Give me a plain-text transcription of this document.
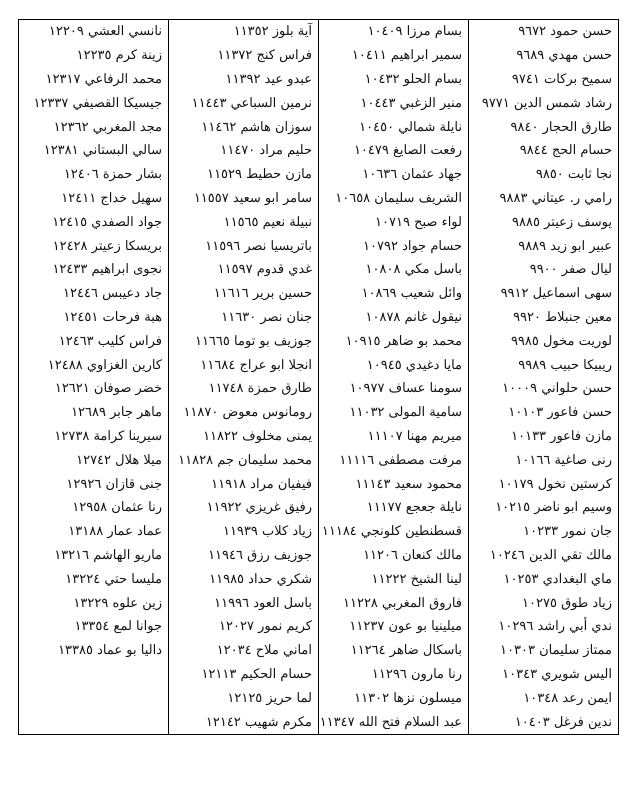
حسن حمود ٩٦٧٢	بسام مرزا ١٠٤٠٩	آية بلوز ١١٣٥٢	نانسي العشي ١٢٢٠٩
حسن مهدي ٩٦٨٩	سمير ابراهيم ١٠٤١١	فراس كنج ١١٣٧٢	زينة كرم ١٢٢٣٥
سميح بركات ٩٧٤١	بسام الحلو ١٠٤٣٢	عبدو عيد ١١٣٩٢	محمد الرفاعي ١٢٣١٧
رشاد شمس الدين ٩٧٧١	منير الزغبي ١٠٤٤٣	نرمين السباعي ١١٤٤٣	جيسيكا القصيفي ١٢٣٣٧
طارق الحجار ٩٨٤٠	نايلة شمالي ١٠٤٥٠	سوزان هاشم ١١٤٦٢	مجد المغربي ١٢٣٦٢
حسام الحج ٩٨٤٤	رفعت الصايغ ١٠٤٧٩	حليم مراد ١١٤٧٠	سالي البستاني ١٢٣٨١
نجا ثابت ٩٨٥٠	جهاد عثمان ١٠٦٣٦	مازن حطيط ١١٥٢٩	بشار حمزة ١٢٤٠٦
رامي ر. عيتاني ٩٨٨٣	الشريف سليمان ١٠٦٥٨	سامر ابو سعيد ١١٥٥٧	سهيل خداج ١٢٤١١
يوسف زعيتر ٩٨٨٥	لواء صبح ١٠٧١٩	نبيلة نعيم ١١٥٦٥	جواد الصفدي ١٢٤١٥
عبير ابو زيد ٩٨٨٩	حسام جواد ١٠٧٩٢	باتريسيا نصر ١١٥٩٦	بريسكا زعيتر ١٢٤٢٨
ليال صفر ٩٩٠٠	باسل مكي ١٠٨٠٨	غدي قدوم ١١٥٩٧	نجوى ابراهيم ١٢٤٣٣
سهى اسماعيل ٩٩١٢	وائل شعيب ١٠٨٦٩	حسين برير ١١٦١٦	جاد دعيبس ١٢٤٤٦
معين جنبلاط ٩٩٢٠	نيقول غانم ١٠٨٧٨	جنان نصر ١١٦٣٠	هبة فرحات ١٢٤٥١
لوريت مخول ٩٩٨٥	محمد بو ضاهر ١٠٩١٥	جوزيف بو توما ١١٦٦٥	فراس كليب ١٢٤٦٣
ريبيكا حبيب ٩٩٨٩	مايا دغيدي ١٠٩٤٥	انجلا ابو عراج ١١٦٨٤	كارين الغزاوي ١٢٤٨٨
حسن حلواني ١٠٠٠٩	سومنا عساف ١٠٩٧٧	طارق حمزة ١١٧٤٨	خضر صوفان ١٢٦٢١
حسن فاعور ١٠١٠٣	سامية المولى ١١٠٣٢	رومانوس معوض ١١٨٧٠	ماهر جابر ١٢٦٨٩
مازن فاعور ١٠١٣٣	ميريم مهنا ١١١٠٧	يمنى مخلوف ١١٨٢٢	سيرينا كرامة ١٢٧٣٨
رنى صاغية ١٠١٦٦	مرفت مصطفى ١١١١٦	محمد سليمان جم ١١٨٢٨	ميلا هلال ١٢٧٤٢
كرستين نخول ١٠١٧٩	محمود سعيد ١١١٤٣	فيفيان مراد ١١٩١٨	جنى قازان ١٢٩٢٦
وسيم ابو ناضر ١٠٢١٥	نايلة جعجع ١١١٧٧	رفيق غريزي ١١٩٢٢	رنا عثمان ١٢٩٥٨
جان نمور ١٠٢٣٣	قسطنطين كلونجي ١١١٨٤	زياد كلاب ١١٩٣٩	عماد عمار ١٣١٨٨
مالك تقي الدين ١٠٢٤٦	مالك كنعان ١١٢٠٦	جوزيف رزق ١١٩٤٦	ماريو الهاشم ١٣٢١٦
ماي البغدادي ١٠٢٥٣	لينا الشيخ ١١٢٢٢	شكري حداد ١١٩٨٥	مليسا حتي ١٣٢٢٤
زياد طوق ١٠٢٧٥	فاروق المغربي ١١٢٢٨	باسل العود ١١٩٩٦	زين علوه ١٣٢٢٩
ندي أبي راشد ١٠٢٩٦	ميلينيا بو عون ١١٢٣٧	كريم نمور ١٢٠٢٧	جوانا لمع ١٣٣٥٤
ممتاز سليمان ١٠٣٠٣	باسكال ضاهر ١١٢٦٤	اماني ملاح ١٢٠٣٤	داليا بو عماد ١٣٣٨٥
اليس شويري ١٠٣٤٣	رنا مارون ١١٢٩٦	حسام الحكيم ١٢١١٣	
ايمن رعد ١٠٣٤٨	ميسلون نزها ١١٣٠٢	لما حريز ١٢١٢٥	
ندين فرغل ١٠٤٠٣	عبد السلام فتح الله ١١٣٤٧	مكرم شهيب ١٢١٤٢	
